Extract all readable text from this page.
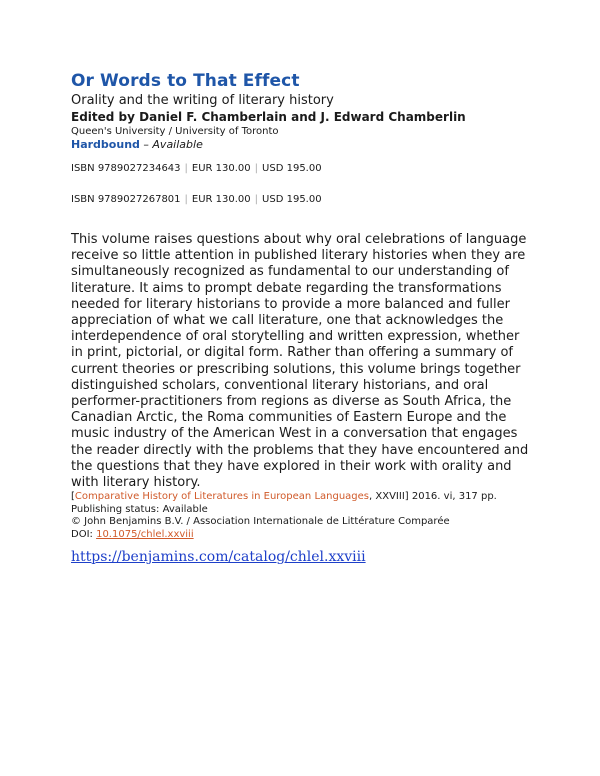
Or Words to That Effect

Orality and the writing of literary history

Edited by Daniel F. Chamberlain and J. Edward Chamberlin

Queen's University / University of Toronto

Hardbound – Available

ISBN 9789027234643 | EUR 130.00 | USD 195.00

ISBN 9789027267801 | EUR 130.00 | USD 195.00

This volume raises questions about why oral celebrations of language receive so little attention in published literary histories when they are simultaneously recognized as fundamental to our understanding of literature. It aims to prompt debate regarding the transformations needed for literary historians to provide a more balanced and fuller appreciation of what we call literature, one that acknowledges the interdependence of oral storytelling and written expression, whether in print, pictorial, or digital form. Rather than offering a summary of current theories or prescribing solutions, this volume brings together distinguished scholars, conventional literary historians, and oral performer-practitioners from regions as diverse as South Africa, the Canadian Arctic, the Roma communities of Eastern Europe and the music industry of the American West in a conversation that engages the reader directly with the problems that they have encountered and the questions that they have explored in their work with orality and with literary history.

[Comparative History of Literatures in European Languages, XXVIII] 2016. vi, 317 pp.

Publishing status: Available

© John Benjamins B.V. / Association Internationale de Littérature Comparée

DOI: 10.1075/chlel.xxviii

https://benjamins.com/catalog/chlel.xxviii
